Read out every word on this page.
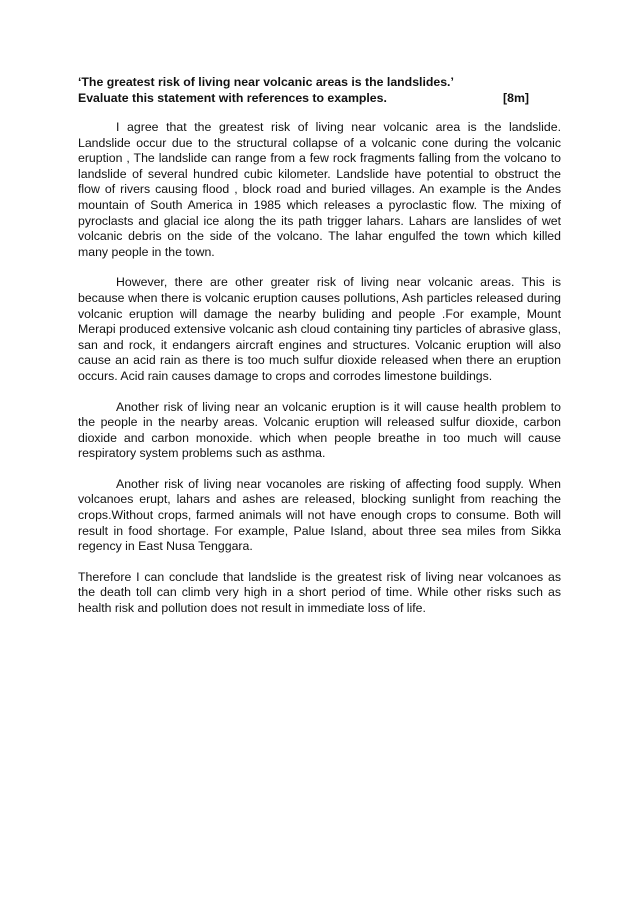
‘The greatest risk of living near volcanic areas is the landslides.’
Evaluate this statement with references to examples.	[8m]

I agree that the greatest risk of living near volcanic area is the landslide. Landslide occur due to the structural collapse of a volcanic cone during the volcanic eruption , The landslide can range from a few rock fragments falling from the volcano to landslide of several hundred cubic kilometer. Landslide have potential to obstruct the flow of rivers causing flood , block road and buried villages. An example is the Andes mountain of South America in 1985 which releases a pyroclastic flow. The mixing of pyroclasts and glacial ice along the its path trigger lahars. Lahars are lanslides of wet volcanic debris on the side of the volcano. The lahar engulfed the town which killed many people in the town.

However, there are other greater risk of living near volcanic areas. This is because when there is volcanic eruption causes pollutions, Ash particles released during volcanic eruption will damage the nearby buliding and people .For example, Mount Merapi produced extensive volcanic ash cloud containing tiny particles of abrasive glass, san and rock, it endangers aircraft engines and structures. Volcanic eruption will also cause an acid rain as there is too much sulfur dioxide released when there an eruption occurs. Acid rain causes damage to crops and corrodes limestone buildings.

Another risk of living near an volcanic eruption is it will cause health problem to the people in the nearby areas. Volcanic eruption will released sulfur dioxide, carbon dioxide and carbon monoxide. which when people breathe in too much will cause respiratory system problems such as asthma.

Another risk of living near vocanoles are risking of affecting food supply. When volcanoes erupt, lahars and ashes are released, blocking sunlight from reaching the crops.Without crops, farmed animals will not have enough crops to consume. Both will result in food shortage. For example, Palue Island, about three sea miles from Sikka regency in East Nusa Tenggara.

Therefore I can conclude that landslide is the greatest risk of living near volcanoes as the death toll can climb very high in a short period of time. While other risks such as health risk and pollution does not result in immediate loss of life.
